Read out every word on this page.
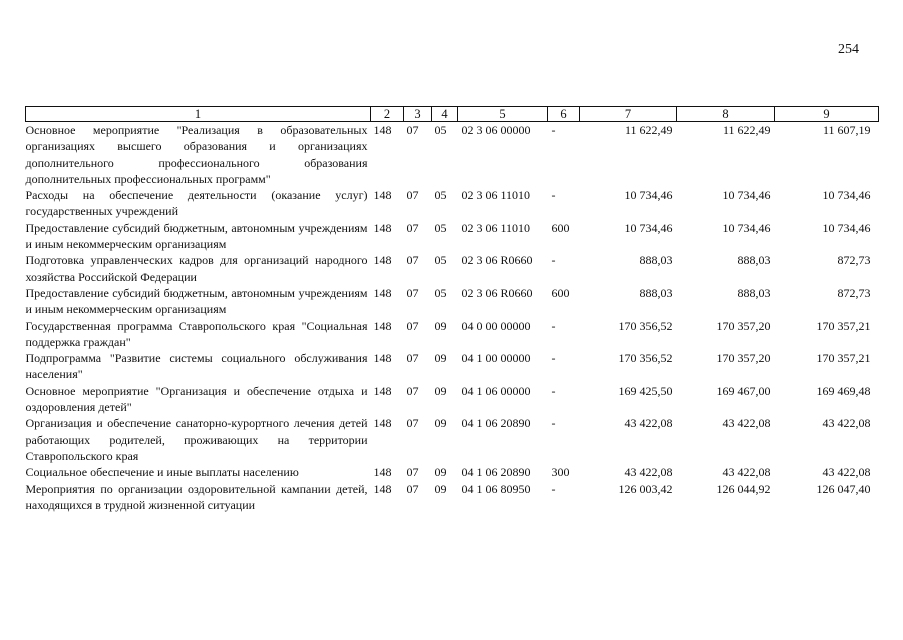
254
1	2	3	4	5	6	7	8	9
Основное мероприятие "Реализация в образовательных организациях высшего образования и организациях дополнительного профессионального образования дополнительных профессиональных программ"	148	07	05	02 3 06 00000	-	11 622,49	11 622,49	11 607,19
Расходы на обеспечение деятельности (оказание услуг) государственных учреждений	148	07	05	02 3 06 11010	-	10 734,46	10 734,46	10 734,46
Предоставление субсидий бюджетным, автономным учреждениям и иным некоммерческим организациям	148	07	05	02 3 06 11010	600	10 734,46	10 734,46	10 734,46
Подготовка управленческих кадров для организаций народного хозяйства Российской Федерации	148	07	05	02 3 06 R0660	-	888,03	888,03	872,73
Предоставление субсидий бюджетным, автономным учреждениям и иным некоммерческим организациям	148	07	05	02 3 06 R0660	600	888,03	888,03	872,73
Государственная программа Ставропольского края "Социальная поддержка граждан"	148	07	09	04 0 00 00000	-	170 356,52	170 357,20	170 357,21
Подпрограмма "Развитие системы социального обслуживания населения"	148	07	09	04 1 00 00000	-	170 356,52	170 357,20	170 357,21
Основное мероприятие "Организация и обеспечение отдыха и оздоровления детей"	148	07	09	04 1 06 00000	-	169 425,50	169 467,00	169 469,48
Организация и обеспечение санаторно-курортного лечения детей работающих родителей, проживающих на территории Ставропольского края	148	07	09	04 1 06 20890	-	43 422,08	43 422,08	43 422,08
Социальное обеспечение и иные выплаты населению	148	07	09	04 1 06 20890	300	43 422,08	43 422,08	43 422,08
Мероприятия по организации оздоровительной кампании детей, находящихся в трудной жизненной ситуации	148	07	09	04 1 06 80950	-	126 003,42	126 044,92	126 047,40
